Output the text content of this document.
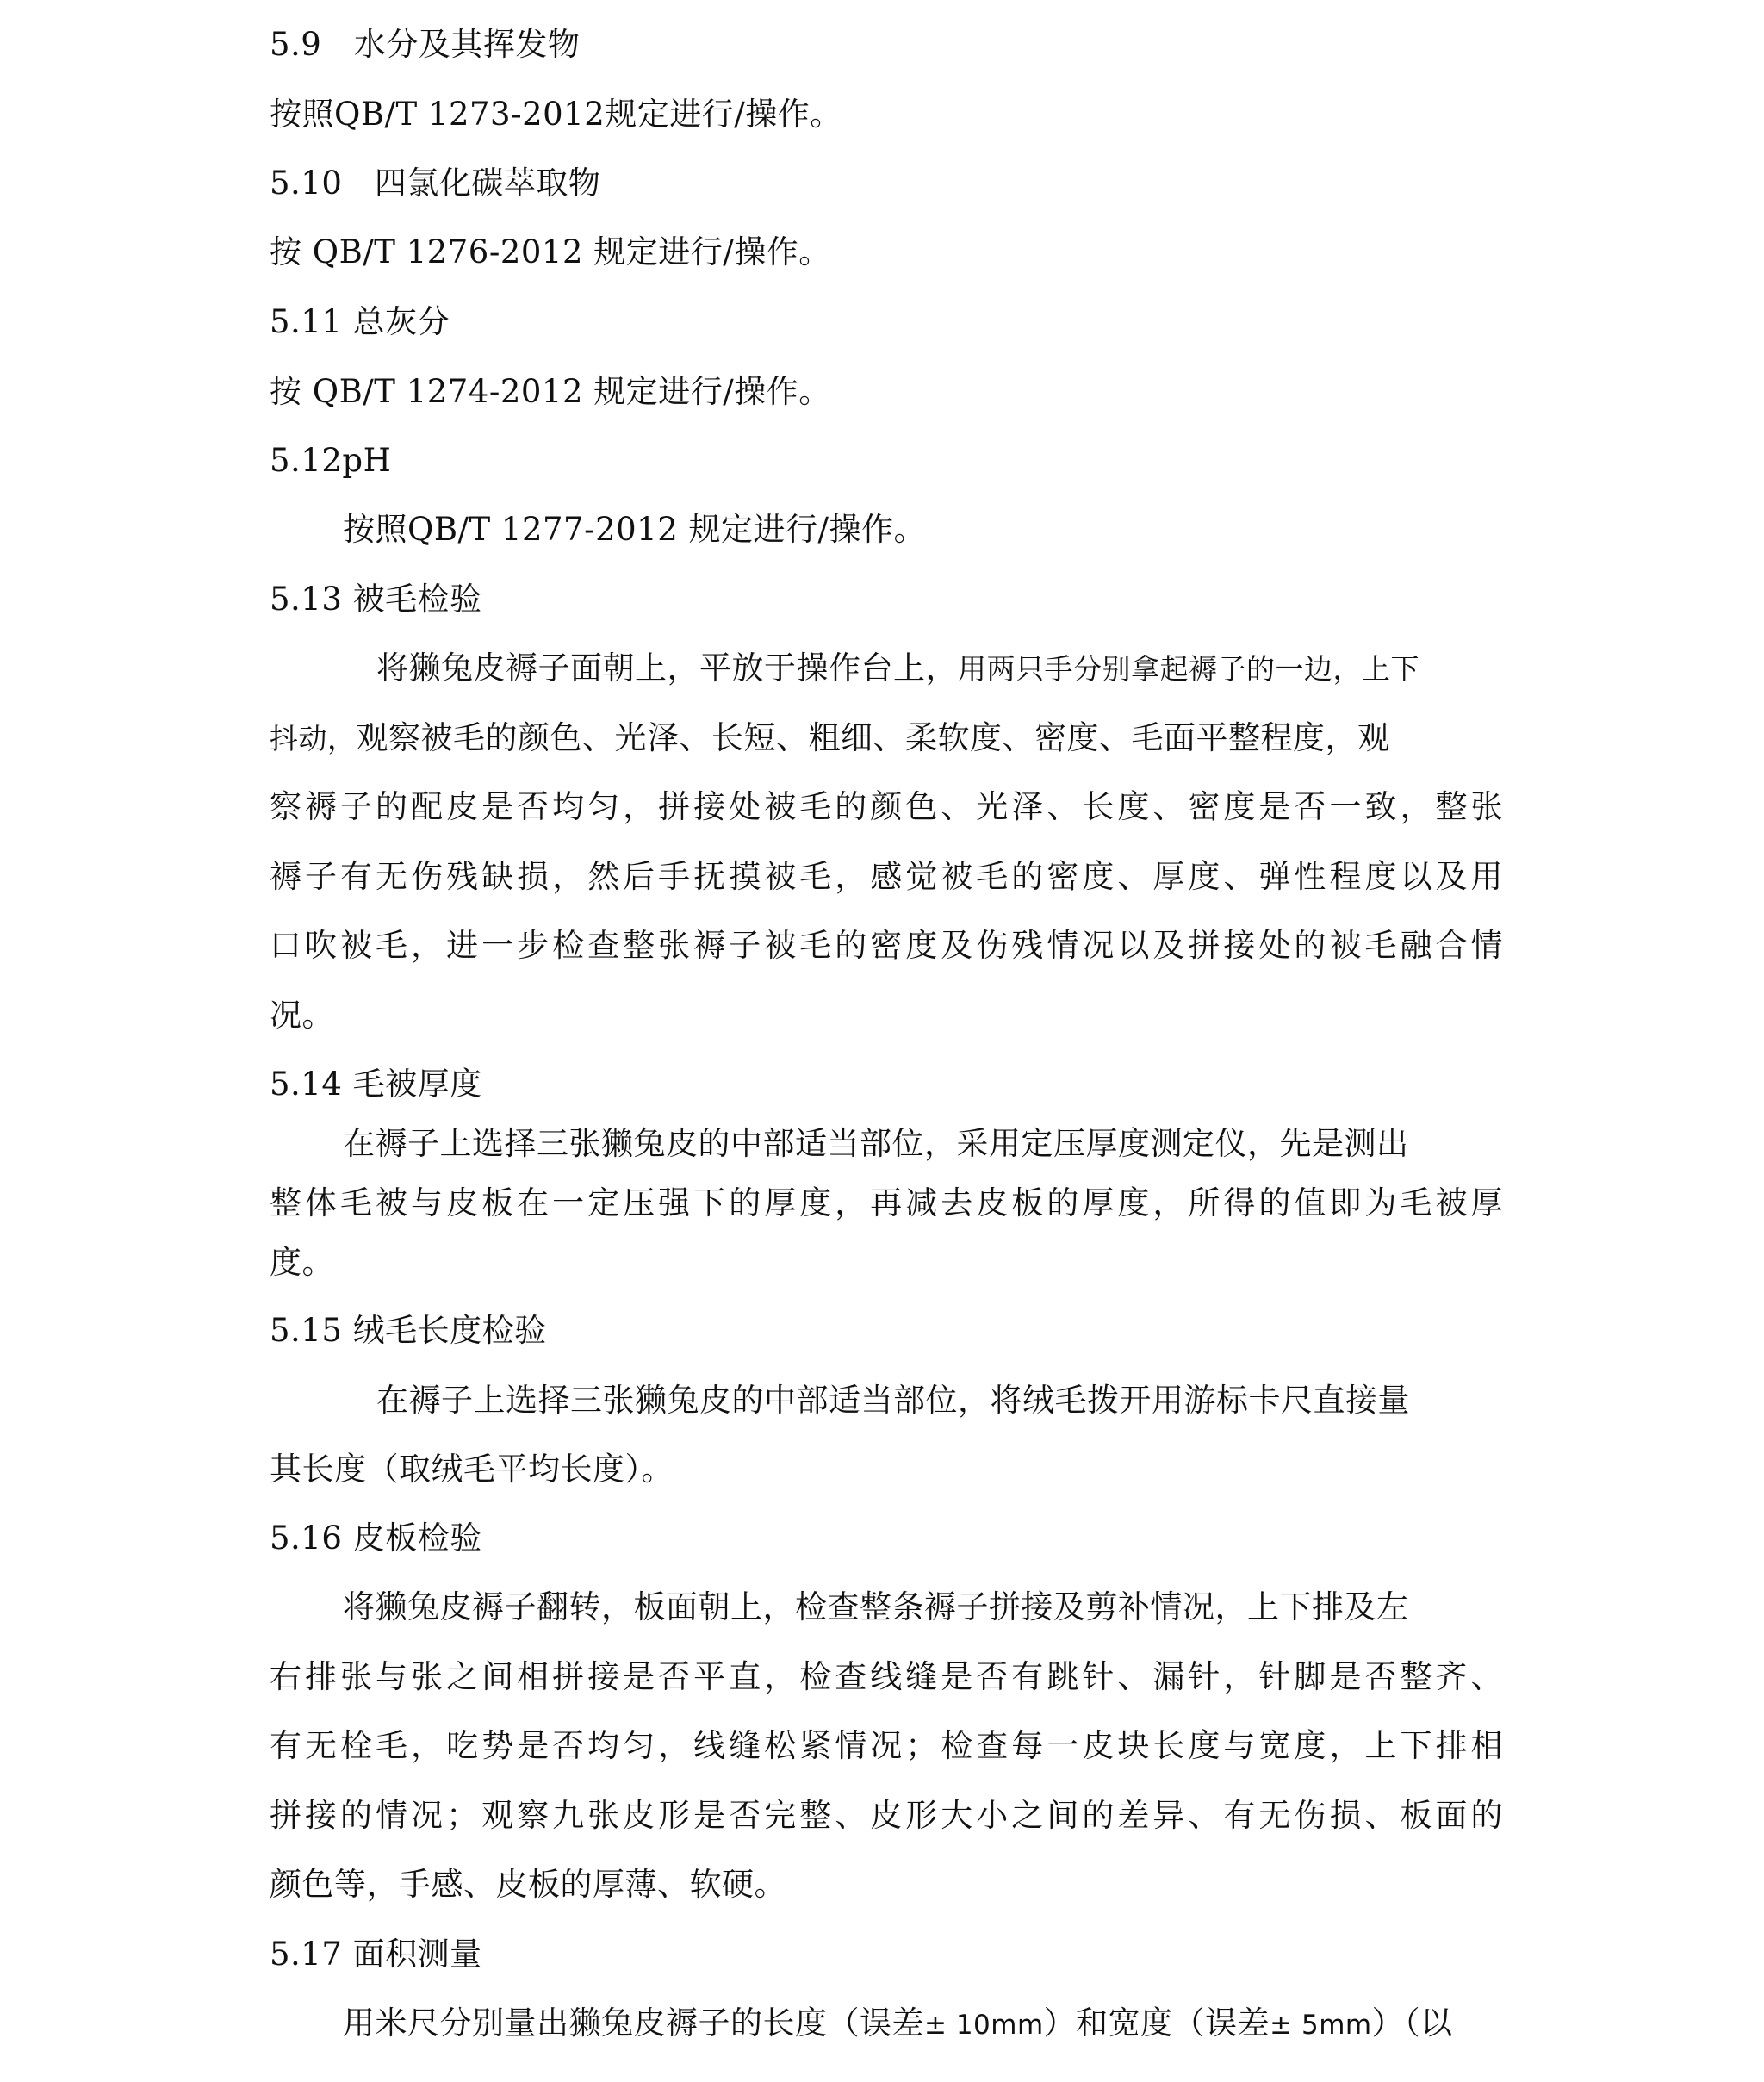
5.9　水分及其挥发物
按照QB/T 1273-2012规定进行/操作。
5.10　四氯化碳萃取物
按 QB/T 1276-2012 规定进行/操作。
5.11 总灰分
按 QB/T 1274-2012 规定进行/操作。
5.12pH
按照QB/T 1277-2012 规定进行/操作。
5.13 被毛检验
将獭兔皮褥子面朝上，平放于操作台上，用两只手分别拿起褥子的一边，上下
抖动，观察被毛的颜色、光泽、长短、粗细、柔软度、密度、毛面平整程度，观
察褥子的配皮是否均匀，拼接处被毛的颜色、光泽、长度、密度是否一致，整张
褥子有无伤残缺损，然后手抚摸被毛，感觉被毛的密度、厚度、弹性程度以及用
口吹被毛，进一步检查整张褥子被毛的密度及伤残情况以及拼接处的被毛融合情
况。
5.14 毛被厚度
在褥子上选择三张獭兔皮的中部适当部位，采用定压厚度测定仪，先是测出
整体毛被与皮板在一定压强下的厚度，再减去皮板的厚度，所得的值即为毛被厚
度。
5.15 绒毛长度检验
在褥子上选择三张獭兔皮的中部适当部位，将绒毛拨开用游标卡尺直接量
其长度（取绒毛平均长度）。
5.16 皮板检验
将獭兔皮褥子翻转，板面朝上，检查整条褥子拼接及剪补情况，上下排及左
右排张与张之间相拼接是否平直，检查线缝是否有跳针、漏针，针脚是否整齐、
有无栓毛，吃势是否均匀，线缝松紧情况；检查每一皮块长度与宽度，上下排相
拼接的情况；观察九张皮形是否完整、皮形大小之间的差异、有无伤损、板面的
颜色等，手感、皮板的厚薄、软硬。
5.17 面积测量
用米尺分别量出獭兔皮褥子的长度（误差± 10mm）和宽度（误差± 5mm）（以
